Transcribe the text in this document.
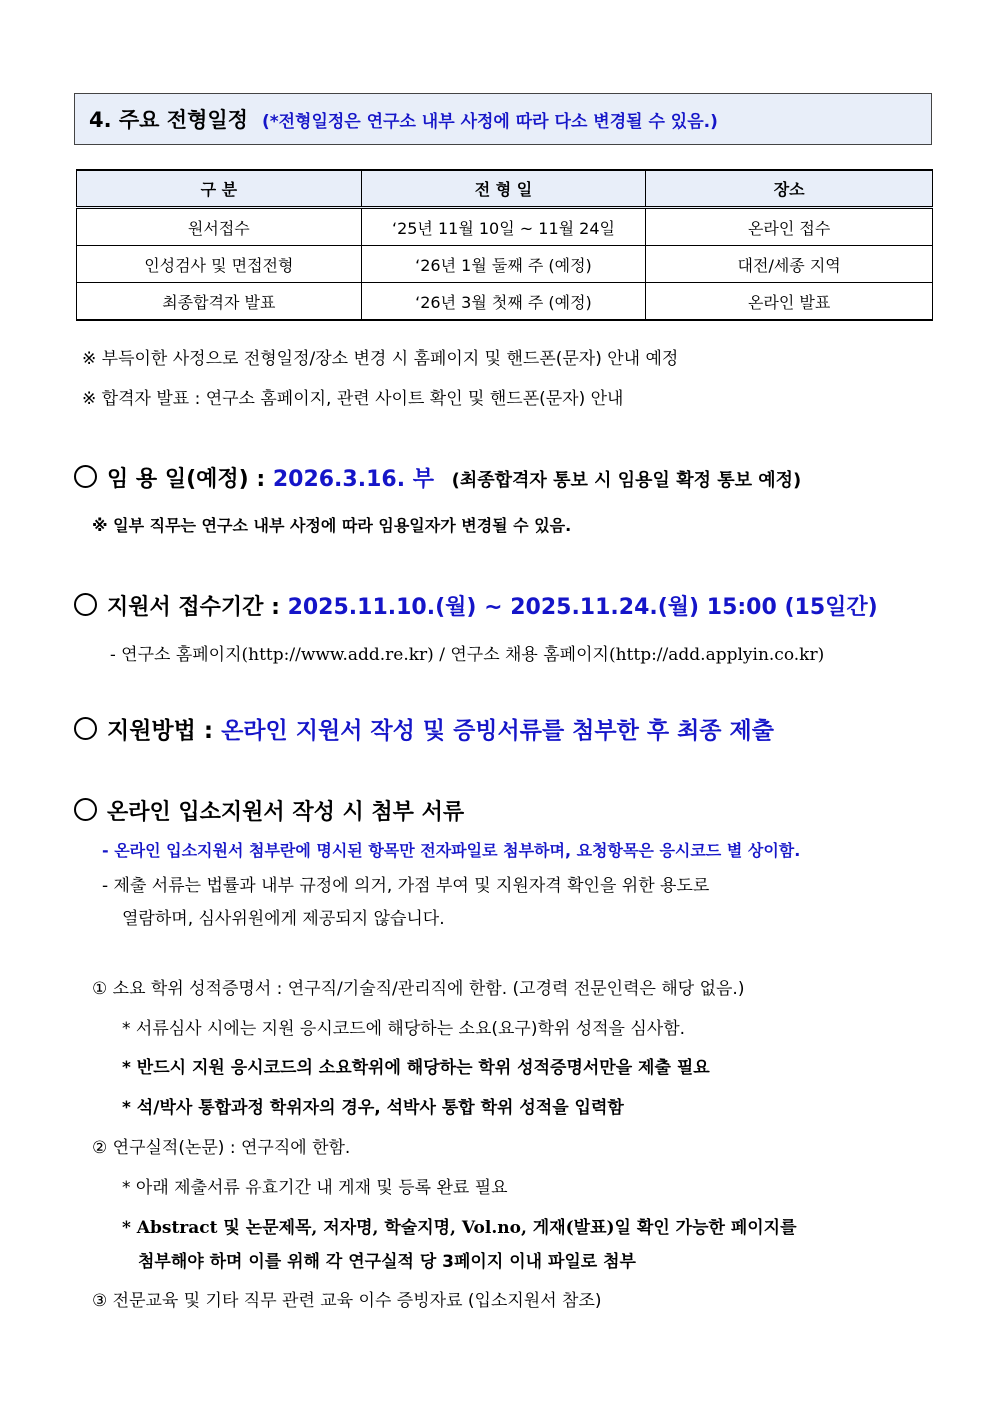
4. 주요 전형일정 (*전형일정은 연구소 내부 사정에 따라 다소 변경될 수 있음.)
구 분	전 형 일	장소
원서접수	‘25년 11월 10일 ~ 11월 24일	온라인 접수
인성검사 및 면접전형	‘26년 1월 둘째 주 (예정)	대전/세종 지역
최종합격자 발표	‘26년 3월 첫째 주 (예정)	온라인 발표
※ 부득이한 사정으로 전형일정/장소 변경 시 홈페이지 및 핸드폰(문자) 안내 예정
※ 합격자 발표 : 연구소 홈페이지, 관련 사이트 확인 및 핸드폰(문자) 안내
임 용 일(예정) : 2026.3.16. 부 (최종합격자 통보 시 임용일 확정 통보 예정)
※ 일부 직무는 연구소 내부 사정에 따라 임용일자가 변경될 수 있음.
지원서 접수기간 : 2025.11.10.(월) ~ 2025.11.24.(월) 15:00 (15일간)
- 연구소 홈페이지(http://www.add.re.kr) / 연구소 채용 홈페이지(http://add.applyin.co.kr)
지원방법 : 온라인 지원서 작성 및 증빙서류를 첨부한 후 최종 제출
온라인 입소지원서 작성 시 첨부 서류
- 온라인 입소지원서 첨부란에 명시된 항목만 전자파일로 첨부하며, 요청항목은 응시코드 별 상이함.
- 제출 서류는 법률과 내부 규정에 의거, 가점 부여 및 지원자격 확인을 위한 용도로
열람하며, 심사위원에게 제공되지 않습니다.
① 소요 학위 성적증명서 : 연구직/기술직/관리직에 한함. (고경력 전문인력은 해당 없음.)
* 서류심사 시에는 지원 응시코드에 해당하는 소요(요구)학위 성적을 심사함.
* 반드시 지원 응시코드의 소요학위에 해당하는 학위 성적증명서만을 제출 필요
* 석/박사 통합과정 학위자의 경우, 석박사 통합 학위 성적을 입력함
② 연구실적(논문) : 연구직에 한함.
* 아래 제출서류 유효기간 내 게재 및 등록 완료 필요
* Abstract 및 논문제목, 저자명, 학술지명, Vol.no, 게재(발표)일 확인 가능한 페이지를
첨부해야 하며 이를 위해 각 연구실적 당 3페이지 이내 파일로 첨부
③ 전문교육 및 기타 직무 관련 교육 이수 증빙자료 (입소지원서 참조)
